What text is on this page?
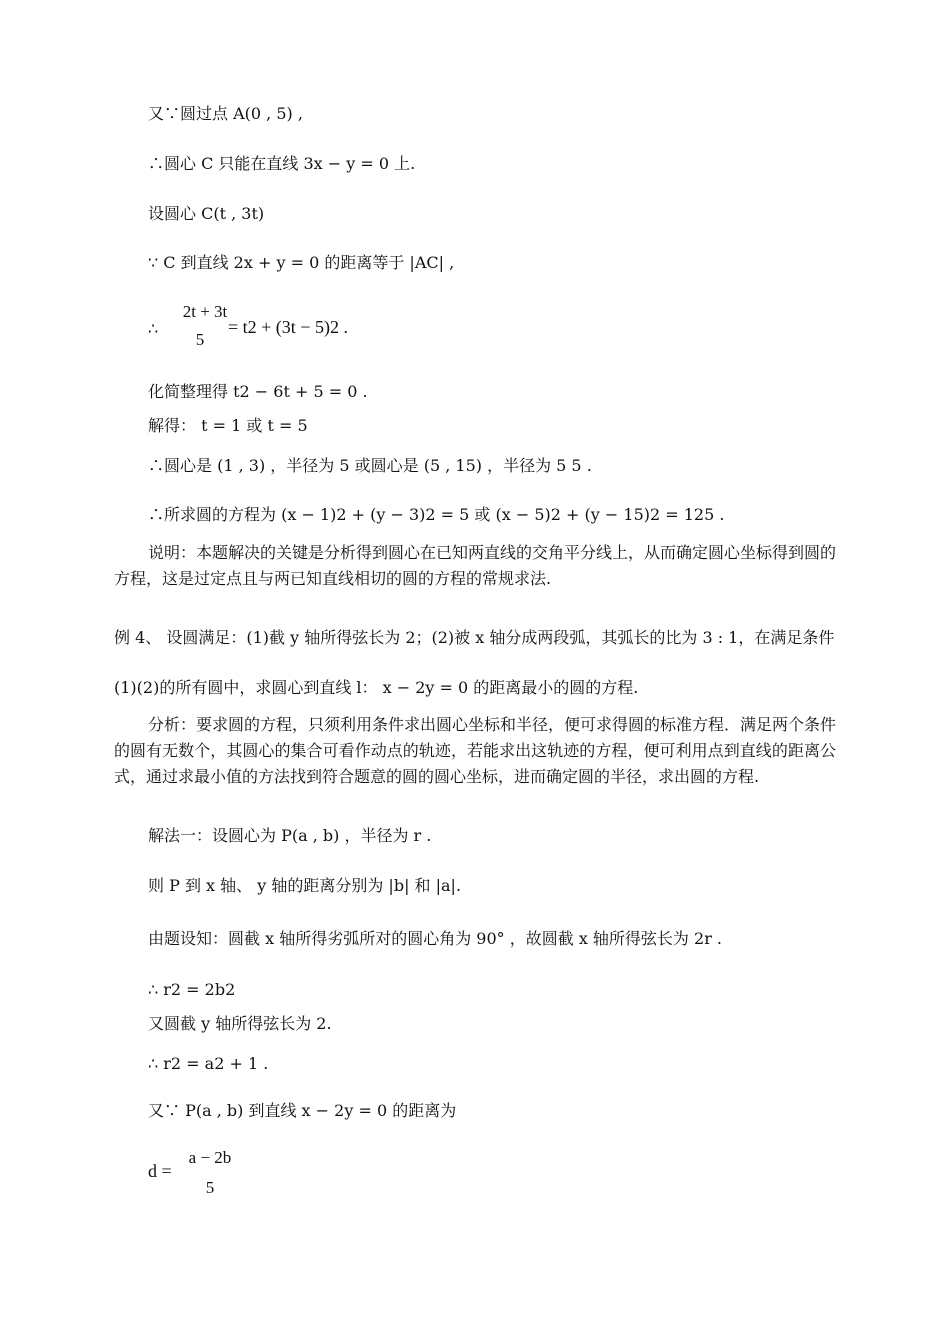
又∵圆过点 A(0 , 5) ,
∴圆心 C 只能在直线 3x − y = 0 上.
设圆心 C(t , 3t)
∵ C 到直线 2x + y = 0 的距离等于 |AC| ,
∴
2t + 3t
5
= t2 + (3t − 5)2 .
化简整理得 t2 − 6t + 5 = 0 .
解得： t = 1 或 t = 5
∴圆心是 (1 , 3) ，半径为 5 或圆心是 (5 , 15) ，半径为 5 5 .
∴所求圆的方程为 (x − 1)2 + (y − 3)2 = 5 或 (x − 5)2 + (y − 15)2 = 125 .
说明：本题解决的关键是分析得到圆心在已知两直线的交角平分线上，从而确定圆心坐标得到圆的方程，这是过定点且与两已知直线相切的圆的方程的常规求法.
例 4、 设圆满足：(1)截 y 轴所得弦长为 2；(2)被 x 轴分成两段弧，其弧长的比为 3 : 1，在满足条件
(1)(2)的所有圆中，求圆心到直线 l： x − 2y = 0 的距离最小的圆的方程.
分析：要求圆的方程，只须利用条件求出圆心坐标和半径，便可求得圆的标准方程．满足两个条件的圆有无数个，其圆心的集合可看作动点的轨迹，若能求出这轨迹的方程，便可利用点到直线的距离公式，通过求最小值的方法找到符合题意的圆的圆心坐标，进而确定圆的半径，求出圆的方程.
解法一：设圆心为 P(a , b) ，半径为 r .
则 P 到 x 轴、 y 轴的距离分别为 |b| 和 |a|.
由题设知：圆截 x 轴所得劣弧所对的圆心角为 90° ，故圆截 x 轴所得弦长为 2r .
∴ r2 = 2b2
又圆截 y 轴所得弦长为 2.
∴ r2 = a2 + 1 .
又∵ P(a , b) 到直线 x − 2y = 0 的距离为
d =
a − 2b
5
